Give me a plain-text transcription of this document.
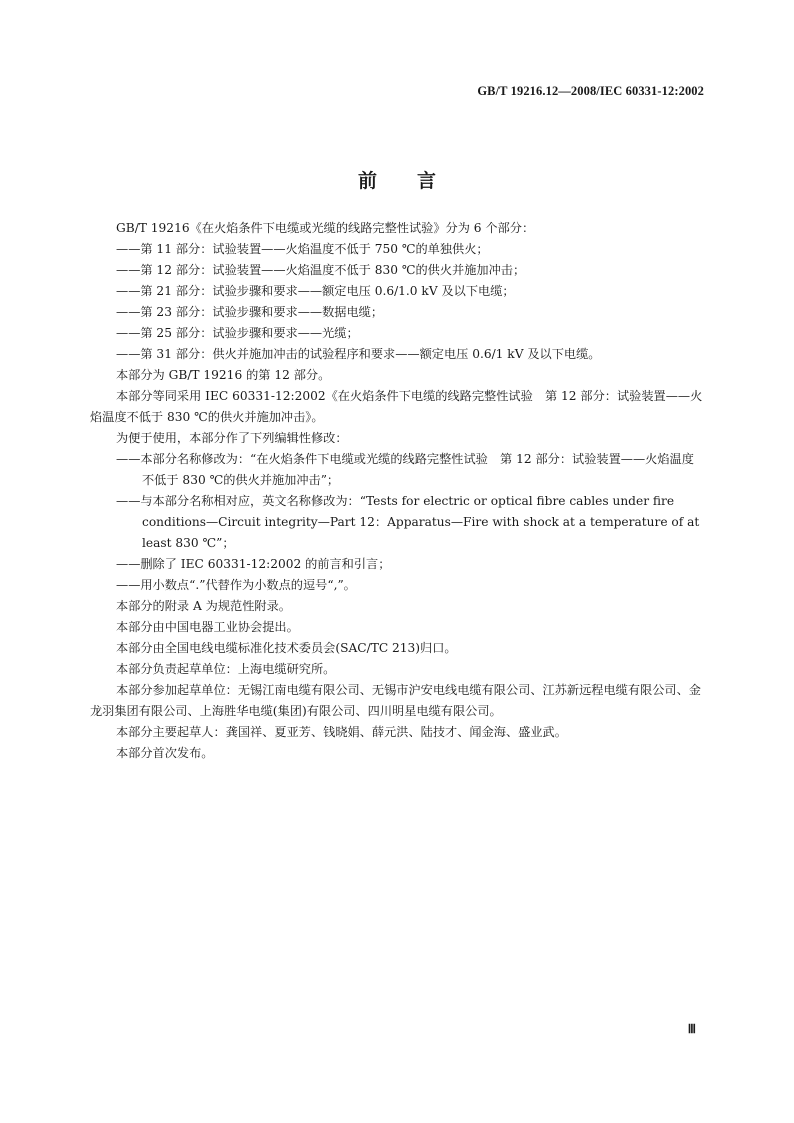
GB/T 19216.12—2008/IEC 60331-12:2002
前言

GB/T 19216《在火焰条件下电缆或光缆的线路完整性试验》分为 6 个部分：

——第 11 部分：试验装置——火焰温度不低于 750 ℃的单独供火；

——第 12 部分：试验装置——火焰温度不低于 830 ℃的供火并施加冲击；

——第 21 部分：试验步骤和要求——额定电压 0.6/1.0 kV 及以下电缆；

——第 23 部分：试验步骤和要求——数据电缆；

——第 25 部分：试验步骤和要求——光缆；

——第 31 部分：供火并施加冲击的试验程序和要求——额定电压 0.6/1 kV 及以下电缆。

本部分为 GB/T 19216 的第 12 部分。

本部分等同采用 IEC 60331-12:2002《在火焰条件下电缆的线路完整性试验　第 12 部分：试验装置——火焰温度不低于 830 ℃的供火并施加冲击》。

为便于使用，本部分作了下列编辑性修改：

——本部分名称修改为：“在火焰条件下电缆或光缆的线路完整性试验　第 12 部分：试验装置——火焰温度不低于 830 ℃的供火并施加冲击”；

——与本部分名称相对应，英文名称修改为：“Tests for electric or optical fibre cables under fire conditions—Circuit integrity—Part 12：Apparatus—Fire with shock at a temperature of at least 830 ℃”；

——删除了 IEC 60331-12:2002 的前言和引言；

——用小数点“.”代替作为小数点的逗号“,”。

本部分的附录 A 为规范性附录。

本部分由中国电器工业协会提出。

本部分由全国电线电缆标准化技术委员会(SAC/TC 213)归口。

本部分负责起草单位：上海电缆研究所。

本部分参加起草单位：无锡江南电缆有限公司、无锡市沪安电线电缆有限公司、江苏新远程电缆有限公司、金龙羽集团有限公司、上海胜华电缆(集团)有限公司、四川明星电缆有限公司。

本部分主要起草人：龚国祥、夏亚芳、钱晓娟、薛元洪、陆技才、闻金海、盛业武。

本部分首次发布。

Ⅲ
